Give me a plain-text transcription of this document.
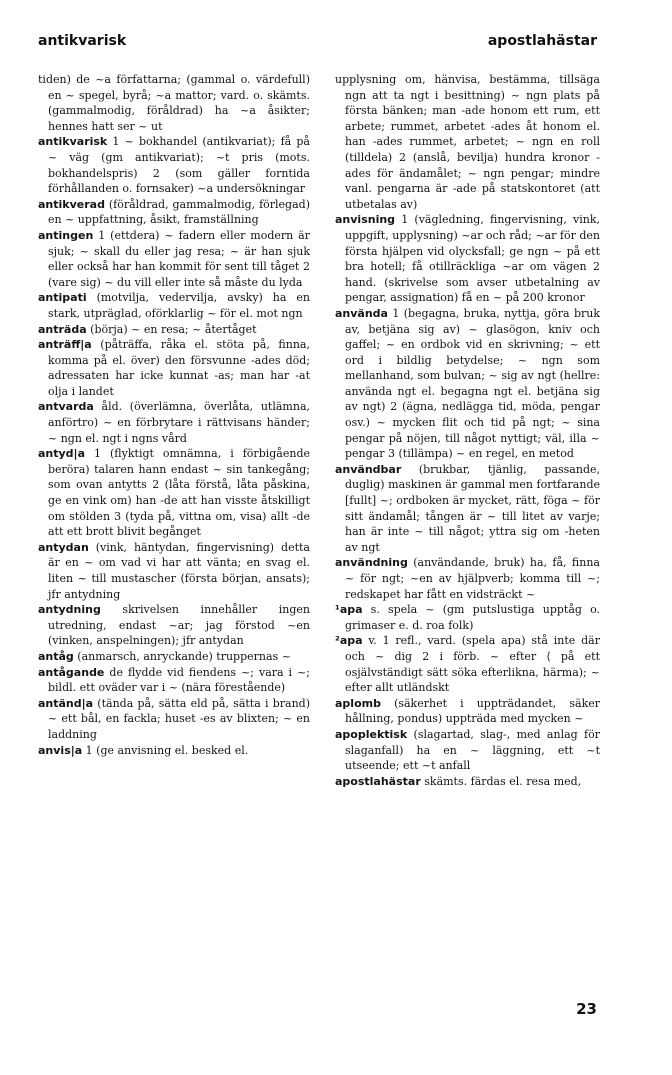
antikvarisk	apostlahästar

tiden) de ~a författarna; (gammal o. värdefull) en ~ spegel, byrå; ~a mattor; vard. o. skämts. (gammalmodig, föråldrad) ha ~a åsikter; hennes hatt ser ~ ut

antikvarisk 1 ~ bokhandel (antikvariat); få på ~ väg (gm antikvariat); ~t pris (mots. bokhandelspris) 2 (som gäller forntida förhållanden o. fornsaker) ~a undersökningar

antikverad (föråldrad, gammalmodig, förlegad) en ~ uppfattning, åsikt, framställning

antingen 1 (ettdera) ~ fadern eller modern är sjuk; ~ skall du eller jag resa; ~ är han sjuk eller också har han kommit för sent till tåget 2 (vare sig) ~ du vill eller inte så måste du lyda

antipati (motvilja, vedervilja, avsky) ha en stark, utpräglad, oförklarlig ~ för el. mot ngn

anträda (börja) ~ en resa; ~ återtåget

anträff|a (påträffa, råka el. stöta på, finna, komma på el. över) den försvunne -ades död; adressaten har icke kunnat -as; man har -at olja i landet

antvarda åld. (överlämna, överlåta, utlämna, anförtro) ~ en förbrytare i rättvisans händer; ~ ngn el. ngt i ngns vård

antyd|a 1 (flyktigt omnämna, i förbigående beröra) talaren hann endast ~ sin tankegång; som ovan antytts 2 (låta förstå, låta påskina, ge en vink om) han -de att han visste åtskilligt om stölden 3 (tyda på, vittna om, visa) allt -de att ett brott blivit begånget

antydan (vink, häntydan, fingervisning) detta är en ~ om vad vi har att vänta; en svag el. liten ~ till mustascher (första början, ansats); jfr antydning

antydning skrivelsen innehåller ingen utredning, endast ~ar; jag förstod ~en (vinken, anspelningen); jfr antydan

antåg (anmarsch, anryckande) truppernas ~

antågande de flydde vid fiendens ~; vara i ~; bildl. ett oväder var i ~ (nära förestående)

antänd|a (tända på, sätta eld på, sätta i brand) ~ ett bål, en fackla; huset -es av blixten; ~ en laddning

anvis|a 1 (ge anvisning el. besked el.

upplysning om, hänvisa, bestämma, tillsäga ngn att ta ngt i besittning) ~ ngn plats på första bänken; man -ade honom ett rum, ett arbete; rummet, arbetet -ades åt honom el. han -ades rummet, arbetet; ~ ngn en roll (tilldela) 2 (anslå, bevilja) hundra kronor -ades för ändamålet; ~ ngn pengar; mindre vanl. pengarna är -ade på statskontoret (att utbetalas av)

anvisning 1 (vägledning, fingervisning, vink, uppgift, upplysning) ~ar och råd; ~ar för den första hjälpen vid olycksfall; ge ngn ~ på ett bra hotell; få otillräckliga ~ar om vägen 2 hand. (skrivelse som avser utbetalning av pengar, assignation) få en ~ på 200 kronor

använda 1 (begagna, bruka, nyttja, göra bruk av, betjäna sig av) ~ glasögon, kniv och gaffel; ~ en ordbok vid en skrivning; ~ ett ord i bildlig betydelse; ~ ngn som mellanhand, som bulvan; ~ sig av ngt (hellre: använda ngt el. begagna ngt el. betjäna sig av ngt) 2 (ägna, nedlägga tid, möda, pengar osv.) ~ mycken flit och tid på ngt; ~ sina pengar på nöjen, till något nyttigt; väl, illa ~ pengar 3 (tillämpa) ~ en regel, en metod

användbar (brukbar, tjänlig, passande, duglig) maskinen är gammal men fortfarande [fullt] ~; ordboken är mycket, rätt, föga ~ för sitt ändamål; tången är ~ till litet av varje; han är inte ~ till något; yttra sig om -heten av ngt

användning (användande, bruk) ha, få, finna ~ för ngt; ~en av hjälpverb; komma till ~; redskapet har fått en vidsträckt ~

¹apa s. spela ~ (gm putslustiga upptåg o. grimaser e. d. roa folk)

²apa v. 1 refl., vard. (spela apa) stå inte där och ~ dig 2 i förb. ~ efter ⟨ på ett osjälvständigt sätt söka efterlikna, härma); ~ efter allt utländskt

aplomb (säkerhet i uppträdandet, säker hållning, pondus) uppträda med mycken ~

apoplektisk (slagartad, slag-, med anlag för slaganfall) ha en ~ läggning, ett ~t utseende; ett ~t anfall

apostlahästar skämts. färdas el. resa med,

23
